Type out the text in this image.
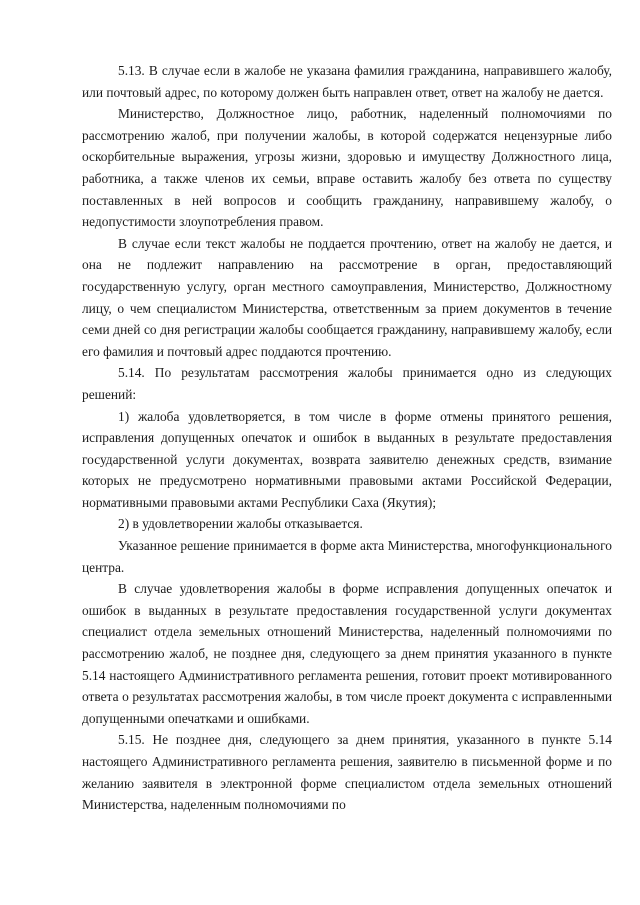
5.13. В случае если в жалобе не указана фамилия гражданина, направившего жалобу, или почтовый адрес, по которому должен быть направлен ответ, ответ на жалобу не дается.

Министерство, Должностное лицо, работник, наделенный полномочиями по рассмотрению жалоб, при получении жалобы, в которой содержатся нецензурные либо оскорбительные выражения, угрозы жизни, здоровью и имуществу Должностного лица, работника, а также членов их семьи, вправе оставить жалобу без ответа по существу поставленных в ней вопросов и сообщить гражданину, направившему жалобу, о недопустимости злоупотребления правом.

В случае если текст жалобы не поддается прочтению, ответ на жалобу не дается, и она не подлежит направлению на рассмотрение в орган, предоставляющий государственную услугу, орган местного самоуправления, Министерство, Должностному лицу, о чем специалистом Министерства, ответственным за прием документов в течение семи дней со дня регистрации жалобы сообщается гражданину, направившему жалобу, если его фамилия и почтовый адрес поддаются прочтению.

5.14. По результатам рассмотрения жалобы принимается одно из следующих решений:

1) жалоба удовлетворяется, в том числе в форме отмены принятого решения, исправления допущенных опечаток и ошибок в выданных в результате предоставления государственной услуги документах, возврата заявителю денежных средств, взимание которых не предусмотрено нормативными правовыми актами Российской Федерации, нормативными правовыми актами Республики Саха (Якутия);

2) в удовлетворении жалобы отказывается.

Указанное решение принимается в форме акта Министерства, многофункционального центра.

В случае удовлетворения жалобы в форме исправления допущенных опечаток и ошибок в выданных в результате предоставления государственной услуги документах специалист отдела земельных отношений Министерства, наделенный полномочиями по рассмотрению жалоб, не позднее дня, следующего за днем принятия указанного в пункте 5.14 настоящего Административного регламента решения, готовит проект мотивированного ответа о результатах рассмотрения жалобы, в том числе проект документа с исправленными допущенными опечатками и ошибками.

5.15. Не позднее дня, следующего за днем принятия, указанного в пункте 5.14 настоящего Административного регламента решения, заявителю в письменной форме и по желанию заявителя в электронной форме специалистом отдела земельных отношений Министерства, наделенным полномочиями по
